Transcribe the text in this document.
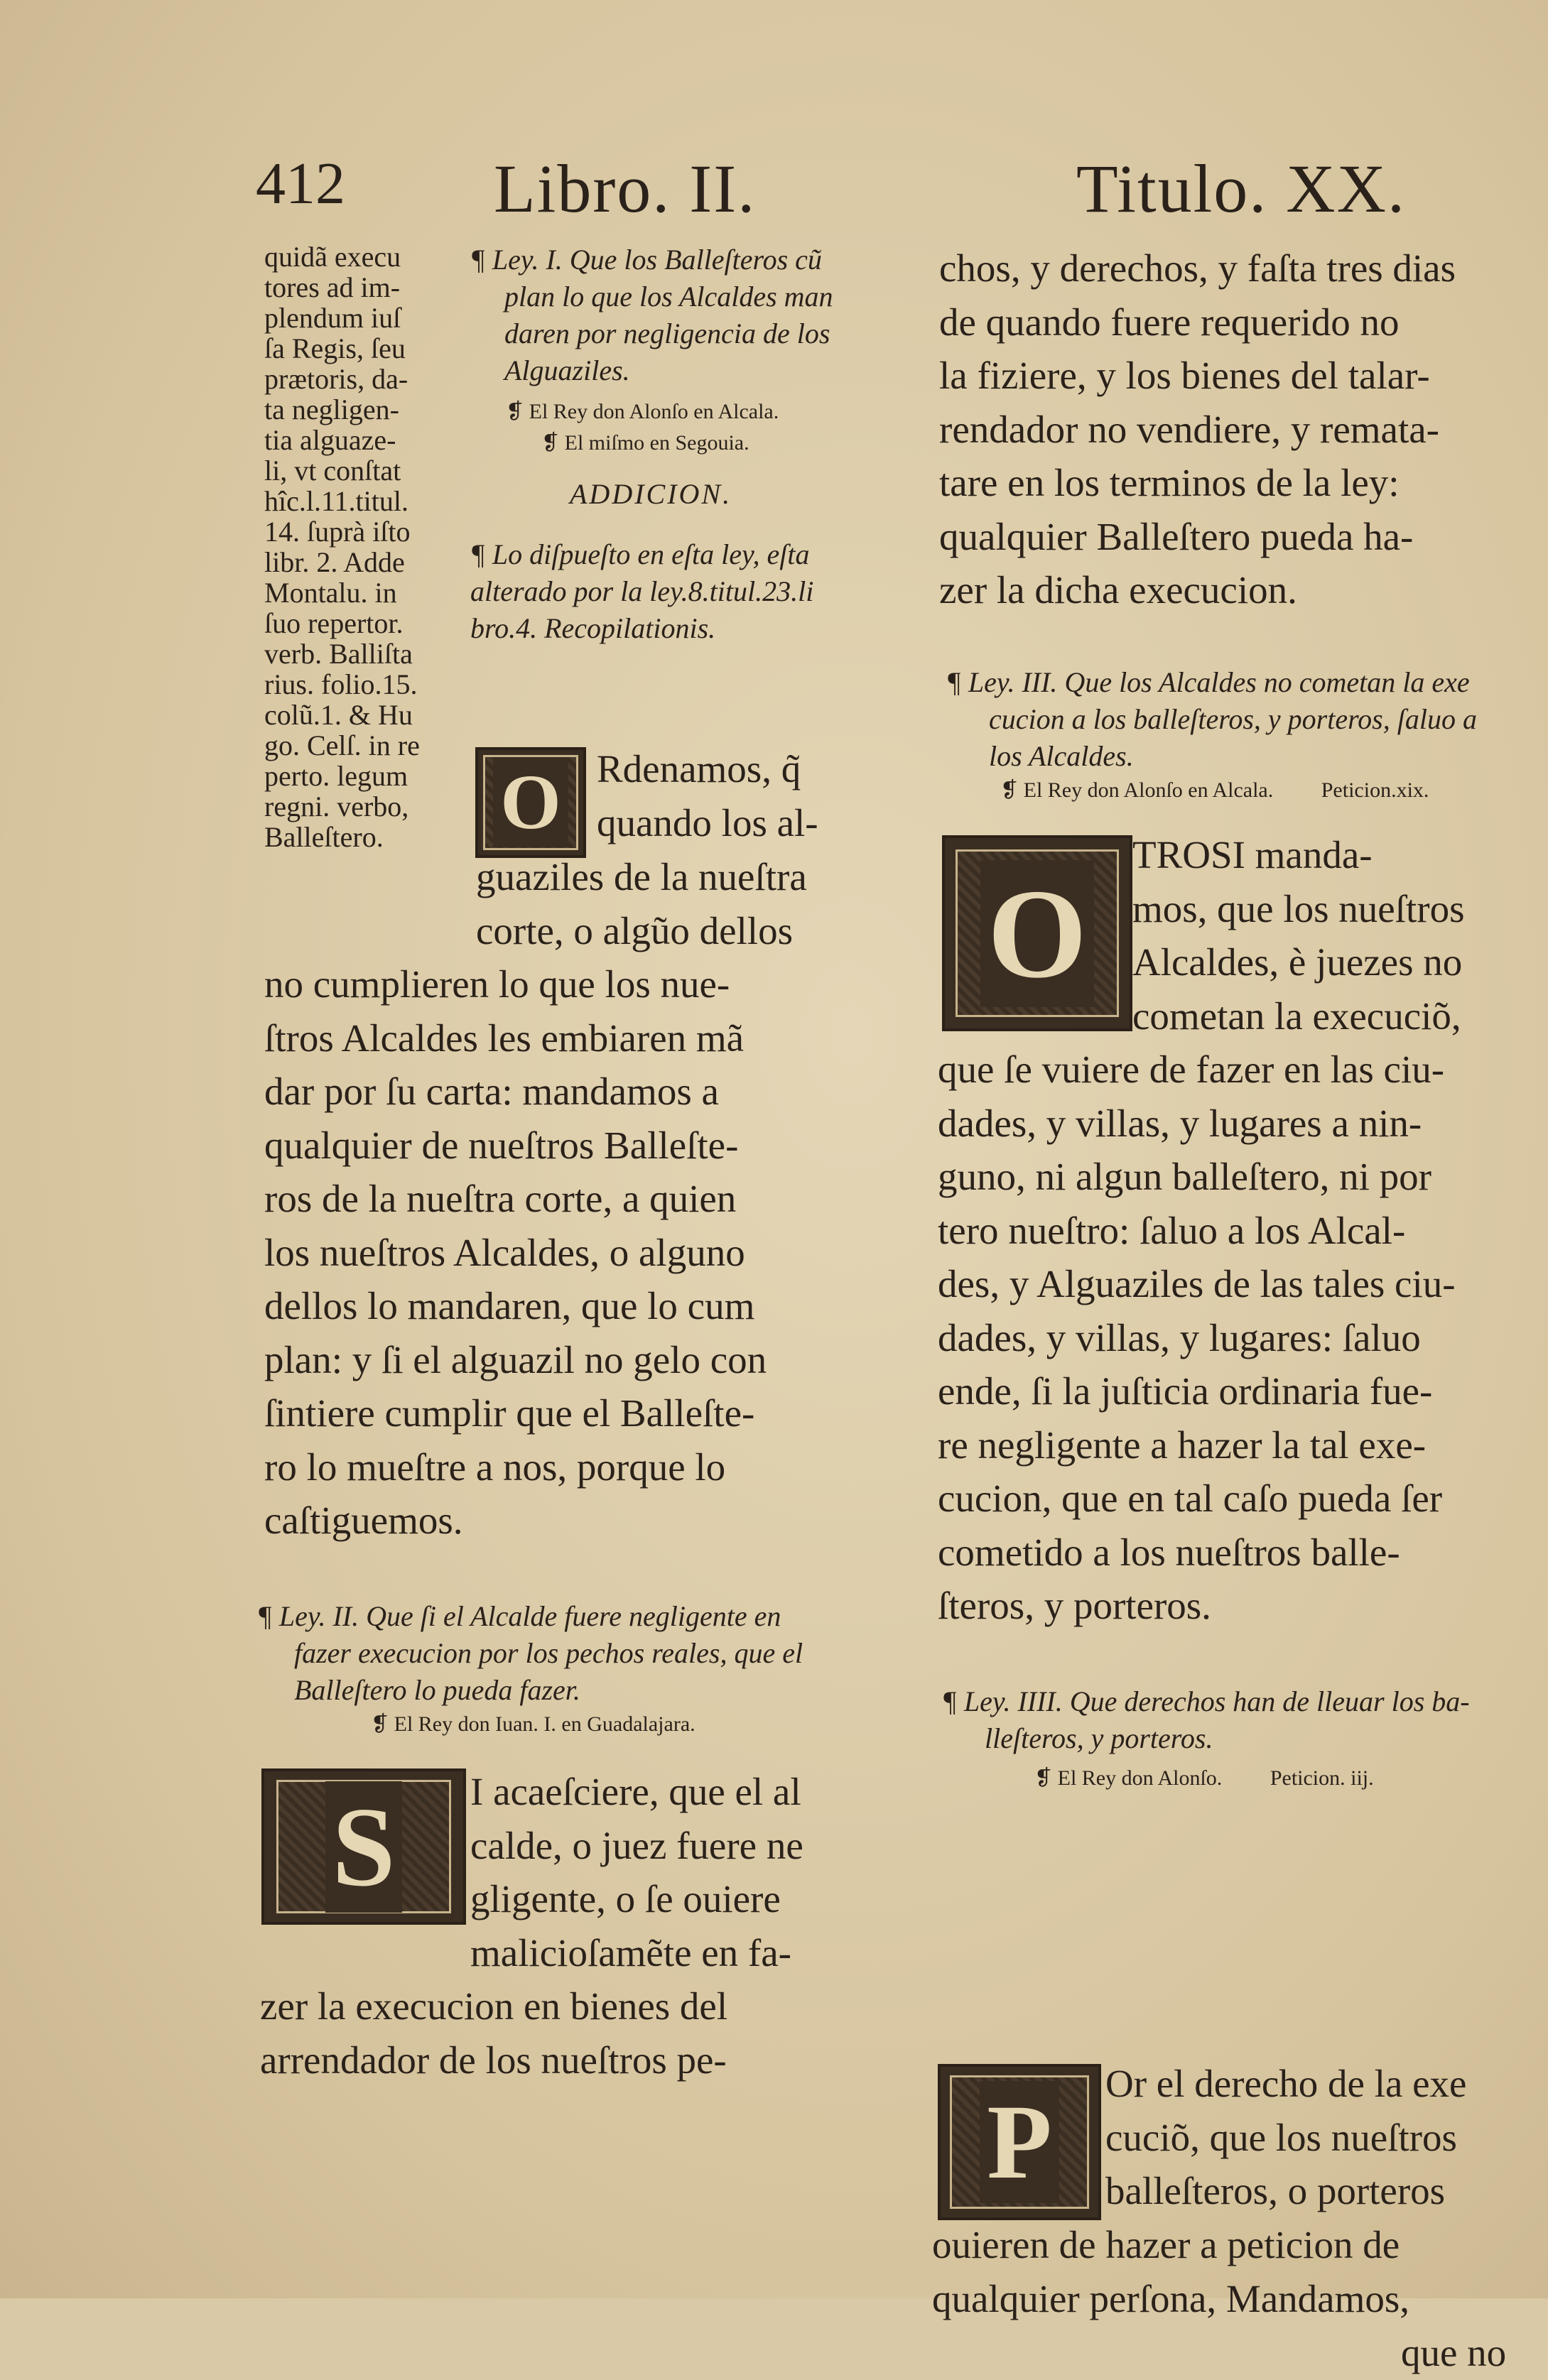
412 Libro. II.	Titulo. XX.
quidã execu
tores ad im-
plendum iuſ
ſa Regis, ſeu
prætoris, da-
ta negligen-
tia alguaze-
li, vt conſtat
hîc.l.11.titul.
14. ſuprà iſto
libr. 2. Adde
Montalu. in
ſuo repertor.
verb. Balliſta
rius. folio.15.
colũ.1. & Hu
go. Celſ. in re
perto. legum
regni. verbo,
Balleſtero.
¶ Ley. I. Que los Balleſteros cũ
plan lo que los Alcaldes man
daren por negligencia de los
Alguaziles.
❡ El Rey don Alonſo en Alcala.
❡ El miſmo en Segouia.
ADDICION.
¶ Lo diſpueſto en eſta ley, eſta
alterado por la ley.8.titul.23.li
bro.4. Recopilationis.
O Rdenamos, q̃
quando los al-
guaziles de la nueſtra
corte, o algũo dellos
no cumplieren lo que los nue-
ſtros Alcaldes les embiaren mã
dar por ſu carta: mandamos a
qualquier de nueſtros Balleſte-
ros de la nueſtra corte, a quien
los nueſtros Alcaldes, o alguno
dellos lo mandaren, que lo cum
plan: y ſi el alguazil no gelo con
ſintiere cumplir que el Balleſte-
ro lo mueſtre a nos, porque lo
caſtiguemos.
¶ Ley. II. Que ſi el Alcalde fuere negligente en
fazer execucion por los pechos reales, que el
Balleſtero lo pueda fazer.
❡ El Rey don Iuan. I. en Guadalajara.
S I acaeſciere, que el al
calde, o juez fuere ne
gligente, o ſe ouiere
malicioſamẽte en fa-
zer la execucion en bienes del
arrendador de los nueſtros pe-
chos, y derechos, y faſta tres dias
de quando fuere requerido no
la fiziere, y los bienes del talar-
rendador no vendiere, y remata-
tare en los terminos de la ley:
qualquier Balleſtero pueda ha-
zer la dicha execucion.
¶ Ley. III. Que los Alcaldes no cometan la exe
cucion a los balleſteros, y porteros, ſaluo a
los Alcaldes.
❡ El Rey don Alonſo en Alcala. Peticion.xix.
O
TROSI manda-
mos, que los nueſtros
Alcaldes, è juezes no
cometan la execuciõ,
que ſe vuiere de fazer en las ciu-
dades, y villas, y lugares a nin-
guno, ni algun balleſtero, ni por
tero nueſtro: ſaluo a los Alcal-
des, y Alguaziles de las tales ciu-
dades, y villas, y lugares: ſaluo
ende, ſi la juſticia ordinaria fue-
re negligente a hazer la tal exe-
cucion, que en tal caſo pueda ſer
cometido a los nueſtros balle-
ſteros, y porteros.
¶ Ley. IIII. Que derechos han de lleuar los ba-
lleſteros, y porteros.
❡ El Rey don Alonſo. Peticion. iij.
P Or el derecho de la exe
cuciõ, que los nueſtros
balleſteros, o porteros
ouieren de hazer a peticion de
qualquier perſona, Mandamos,
que no
